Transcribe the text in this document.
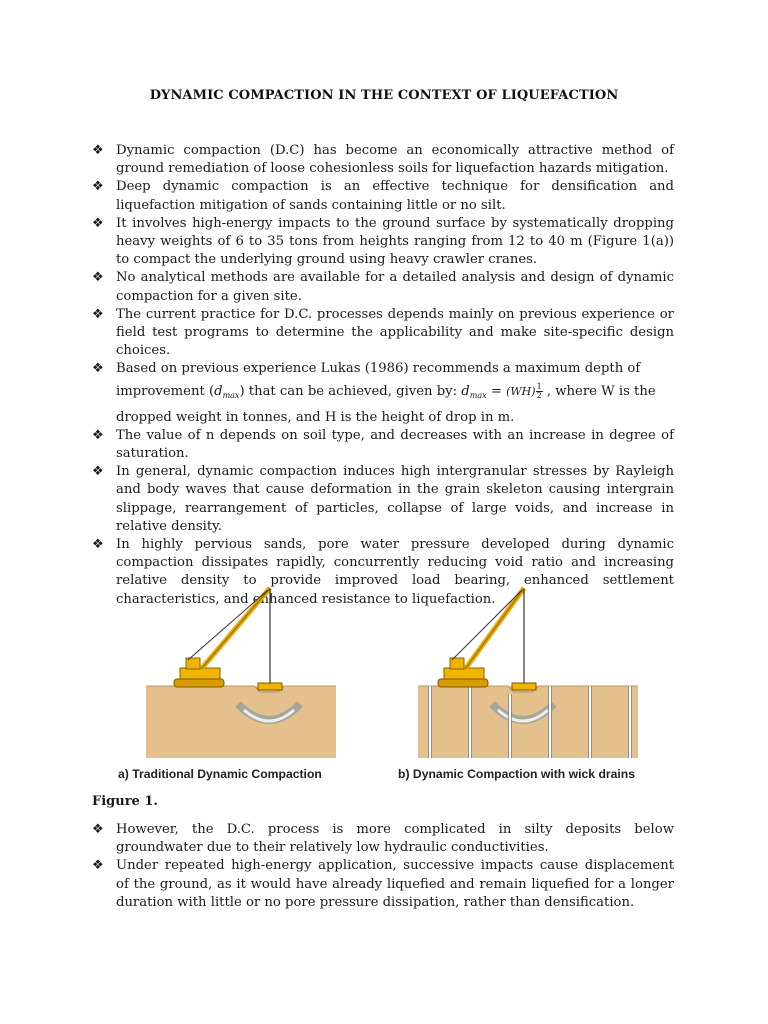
DYNAMIC COMPACTION IN THE CONTEXT OF LIQUEFACTION
❖ Dynamic compaction (D.C) has become an economically attractive method of ground remediation of loose cohesionless soils for liquefaction hazards mitigation.
❖ Deep dynamic compaction is an effective technique for densification and liquefaction mitigation of sands containing little or no silt.
❖ It involves high-energy impacts to the ground surface by systematically dropping heavy weights of 6 to 35 tons from heights ranging from 12 to 40 m (Figure 1(a)) to compact the underlying ground using heavy crawler cranes.
❖ No analytical methods are available for a detailed analysis and design of dynamic compaction for a given site.
❖ The current practice for D.C. processes depends mainly on previous experience or field test programs to determine the applicability and make site-specific design choices.
❖ Based on previous experience Lukas (1986) recommends a maximum depth of
improvement $(d_{max})$ that can be achieved, given by: $d_{max} = (WH) \frac{1}{2}$ , where W is the
dropped weight in tonnes, and H is the height of drop in m.
❖ The value of n depends on soil type, and decreases with an increase in degree of saturation.
❖ In general, dynamic compaction induces high intergranular stresses by Rayleigh and body waves that cause deformation in the grain skeleton causing intergrain slippage, rearrangement of particles, collapse of large voids, and increase in relative density.
❖ In highly pervious sands, pore water pressure developed during dynamic compaction dissipates rapidly, concurrently reducing void ratio and increasing relative density to provide improved load bearing, enhanced settlement characteristics, and enhanced resistance to liquefaction.
a) Traditional Dynamic Compaction	b) Dynamic Compaction with wick drains
Figure 1.
❖ However, the D.C. process is more complicated in silty deposits below groundwater due to their relatively low hydraulic conductivities.
❖ Under repeated high-energy application, successive impacts cause displacement of the ground, as it would have already liquefied and remain liquefied for a longer duration with little or no pore pressure dissipation, rather than densification.
